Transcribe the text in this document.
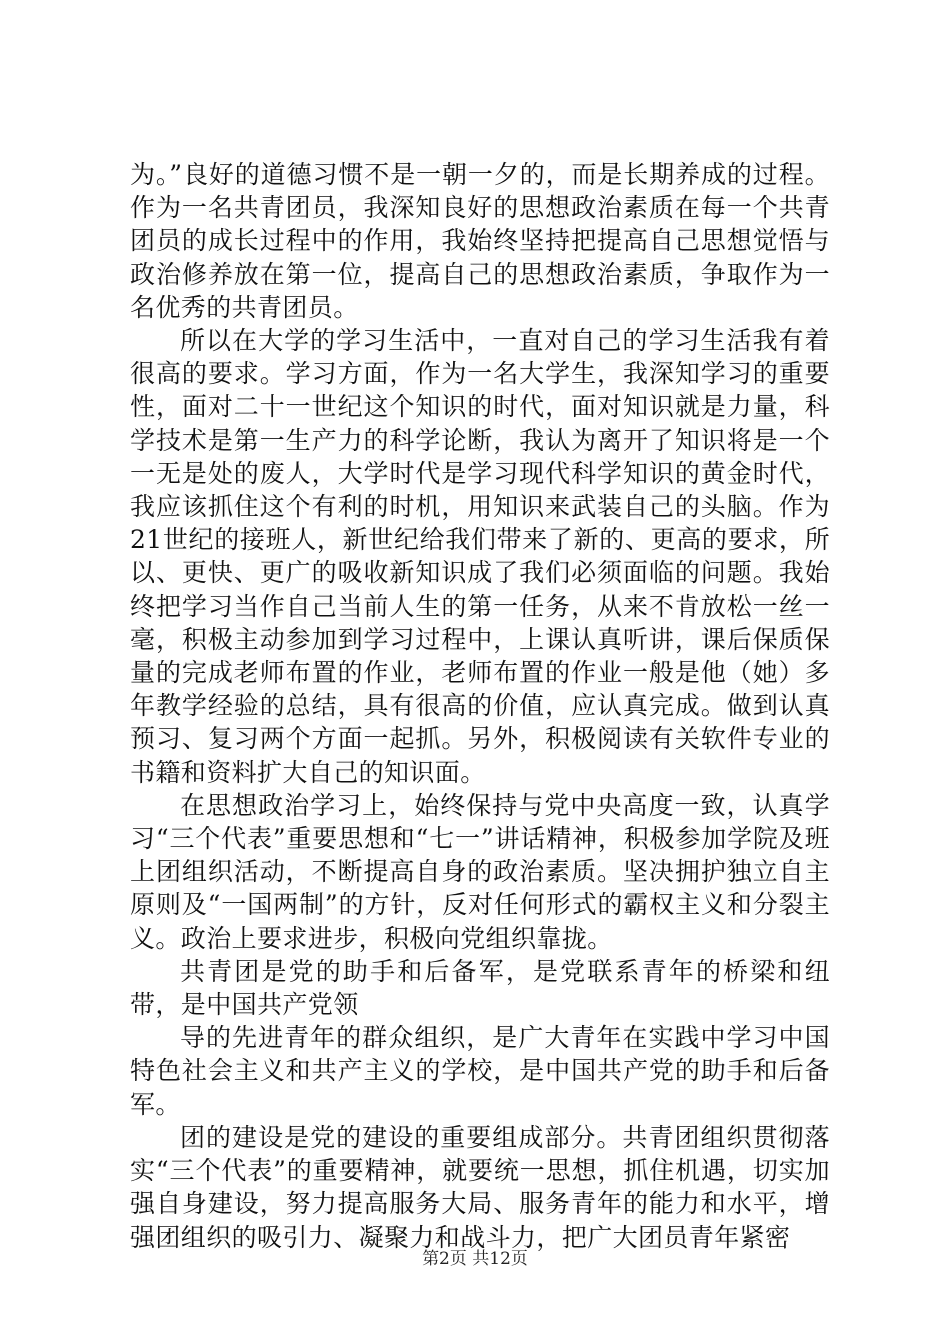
为。”良好的道德习惯不是一朝一夕的，而是长期养成的过程。作为一名共青团员，我深知良好的思想政治素质在每一个共青团员的成长过程中的作用，我始终坚持把提高自己思想觉悟与政治修养放在第一位，提高自己的思想政治素质，争取作为一名优秀的共青团员。

所以在大学的学习生活中，一直对自己的学习生活我有着很高的要求。学习方面，作为一名大学生，我深知学习的重要性，面对二十一世纪这个知识的时代，面对知识就是力量，科学技术是第一生产力的科学论断，我认为离开了知识将是一个一无是处的废人，大学时代是学习现代科学知识的黄金时代，我应该抓住这个有利的时机，用知识来武装自己的头脑。作为21世纪的接班人，新世纪给我们带来了新的、更高的要求，所以、更快、更广的吸收新知识成了我们必须面临的问题。我始终把学习当作自己当前人生的第一任务，从来不肯放松一丝一毫，积极主动参加到学习过程中，上课认真听讲，课后保质保量的完成老师布置的作业，老师布置的作业一般是他（她）多年教学经验的总结，具有很高的价值，应认真完成。做到认真预习、复习两个方面一起抓。另外，积极阅读有关软件专业的书籍和资料扩大自己的知识面。

在思想政治学习上，始终保持与党中央高度一致，认真学习“三个代表”重要思想和“七一”讲话精神，积极参加学院及班上团组织活动，不断提高自身的政治素质。坚决拥护独立自主原则及“一国两制”的方针，反对任何形式的霸权主义和分裂主义。政治上要求进步，积极向党组织靠拢。

共青团是党的助手和后备军，是党联系青年的桥梁和纽带，是中国共产党领

导的先进青年的群众组织，是广大青年在实践中学习中国特色社会主义和共产主义的学校，是中国共产党的助手和后备军。

团的建设是党的建设的重要组成部分。共青团组织贯彻落实“三个代表”的重要精神，就要统一思想，抓住机遇，切实加强自身建设，努力提高服务大局、服务青年的能力和水平，增强团组织的吸引力、凝聚力和战斗力，把广大团员青年紧密

第2页 共12页
